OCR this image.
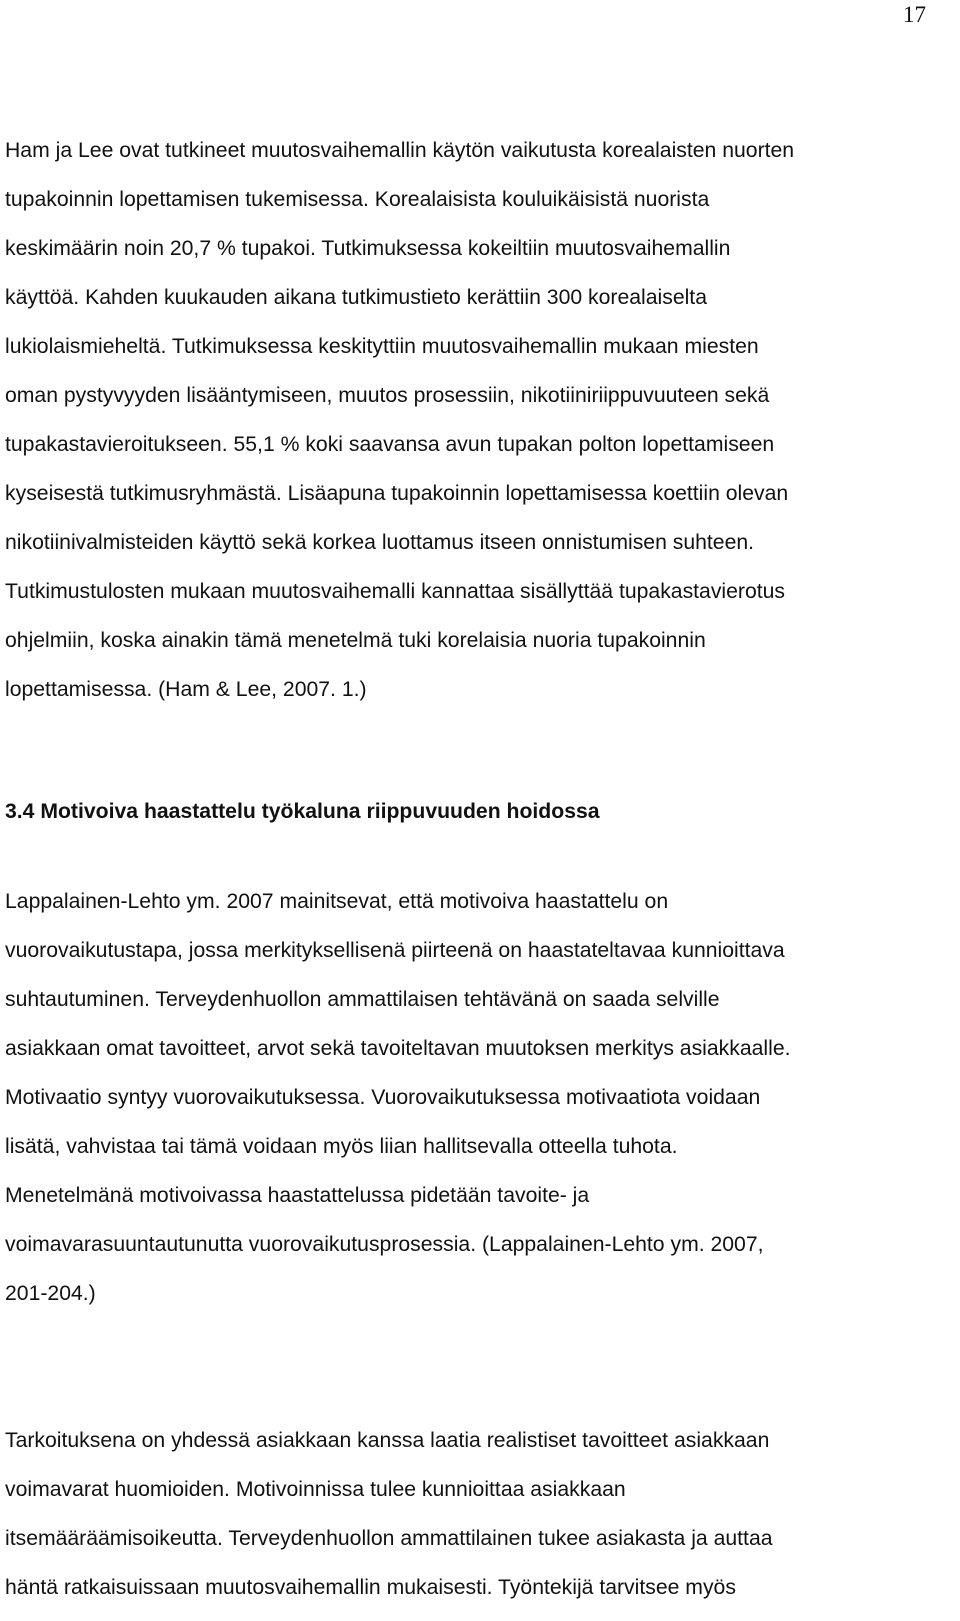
17
Ham ja Lee ovat tutkineet muutosvaihemallin käytön vaikutusta korealaisten nuorten
tupakoinnin lopettamisen tukemisessa. Korealaisista kouluikäisistä nuorista
keskimäärin noin 20,7 % tupakoi. Tutkimuksessa kokeiltiin muutosvaihemallin
käyttöä. Kahden kuukauden aikana tutkimustieto kerättiin 300 korealaiselta
lukiolaismieheltä. Tutkimuksessa keskityttiin muutosvaihemallin mukaan miesten
oman pystyvyyden lisääntymiseen, muutos prosessiin, nikotiiniriippuvuuteen sekä
tupakastavieroitukseen. 55,1 % koki saavansa avun tupakan polton lopettamiseen
kyseisestä tutkimusryhmästä. Lisäapuna tupakoinnin lopettamisessa koettiin olevan
nikotiinivalmisteiden käyttö sekä korkea luottamus itseen onnistumisen suhteen.
Tutkimustulosten mukaan muutosvaihemalli kannattaa sisällyttää tupakastavierotus
ohjelmiin, koska ainakin tämä menetelmä tuki korelaisia nuoria tupakoinnin
lopettamisessa. (Ham & Lee, 2007. 1.)
3.4 Motivoiva haastattelu työkaluna riippuvuuden hoidossa
Lappalainen-Lehto ym. 2007 mainitsevat, että motivoiva haastattelu on
vuorovaikutustapa, jossa merkityksellisenä piirteenä on haastateltavaa kunnioittava
suhtautuminen. Terveydenhuollon ammattilaisen tehtävänä on saada selville
asiakkaan omat tavoitteet, arvot sekä tavoiteltavan muutoksen merkitys asiakkaalle.
Motivaatio syntyy vuorovaikutuksessa. Vuorovaikutuksessa motivaatiota voidaan
lisätä, vahvistaa tai tämä voidaan myös liian hallitsevalla otteella tuhota.
Menetelmänä motivoivassa haastattelussa pidetään tavoite- ja
voimavarasuuntautunutta vuorovaikutusprosessia. (Lappalainen-Lehto ym. 2007,
201-204.)
Tarkoituksena on yhdessä asiakkaan kanssa laatia realistiset tavoitteet asiakkaan
voimavarat huomioiden. Motivoinnissa tulee kunnioittaa asiakkaan
itsemääräämisoikeutta. Terveydenhuollon ammattilainen tukee asiakasta ja auttaa
häntä ratkaisuissaan muutosvaihemallin mukaisesti. Työntekijä tarvitsee myös
